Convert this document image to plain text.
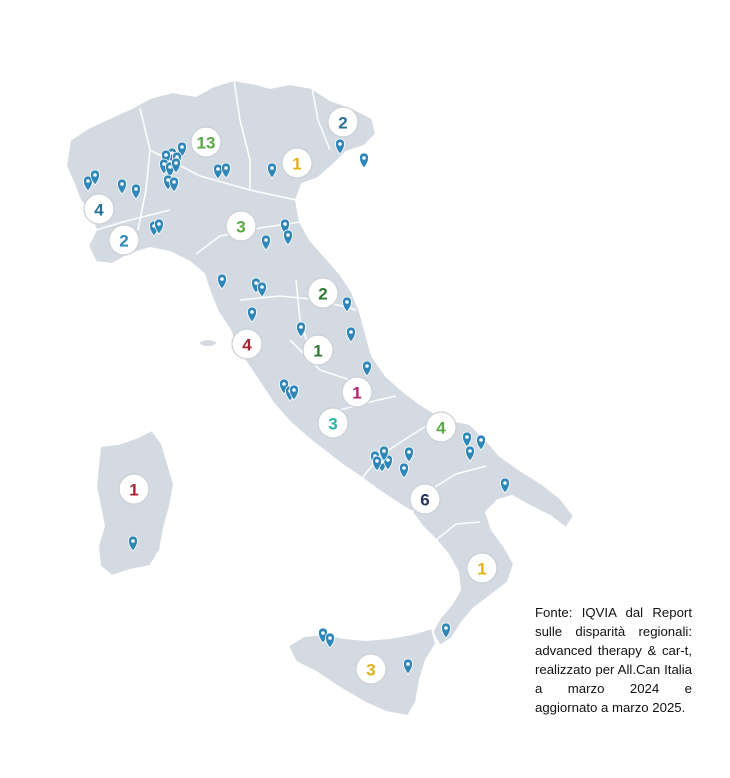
13
2
1
4
2
3
2
4	1
1
3	4
6
1
1
3
Fonte: IQVIA dal Report sulle disparità regionali: advanced therapy & car-t, realizzato per All.Can Italia a marzo 2024 e aggiornato a marzo 2025.
